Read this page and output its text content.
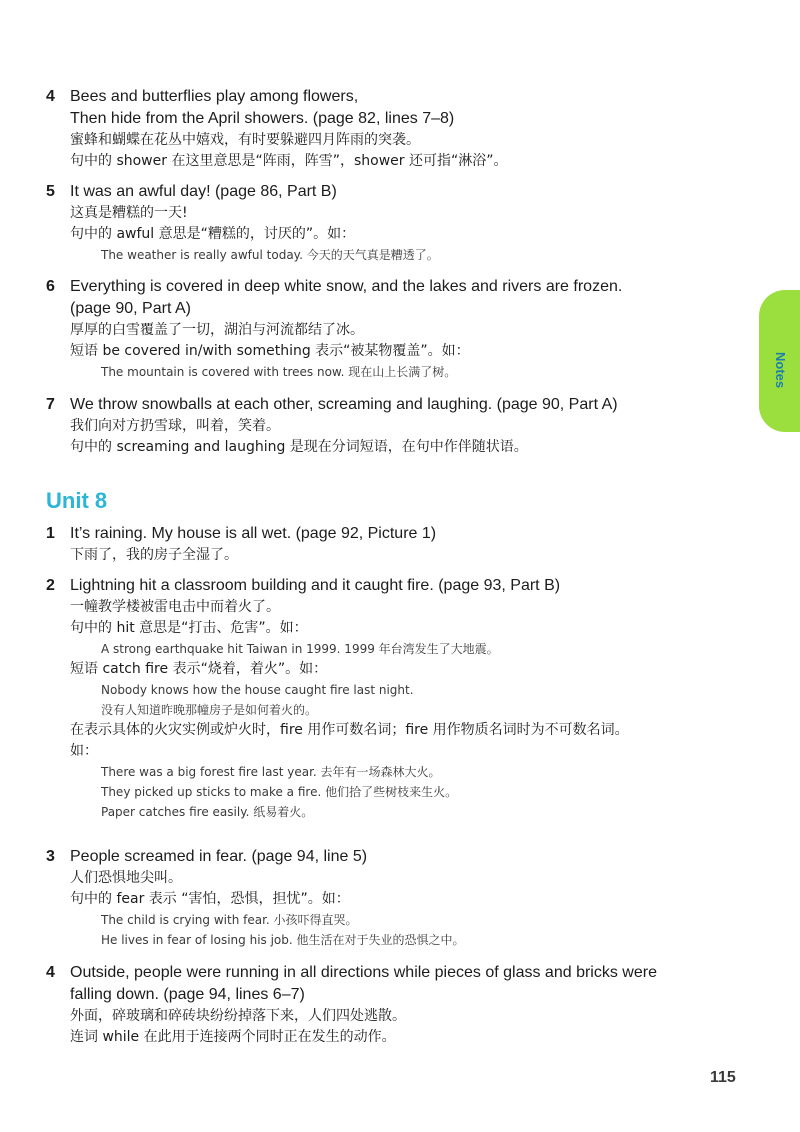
4 Bees and butterflies play among flowers,
Then hide from the April showers. (page 82, lines 7–8)
蜜蜂和蝴蝶在花丛中嬉戏，有时要躲避四月阵雨的突袭。
句中的 shower 在这里意思是“阵雨，阵雪”，shower 还可指“淋浴”。
5 It was an awful day! (page 86, Part B)
这真是糟糕的一天!
句中的 awful 意思是“糟糕的，讨厌的”。如：
The weather is really awful today. 今天的天气真是糟透了。
6 Everything is covered in deep white snow, and the lakes and rivers are frozen.
(page 90, Part A)
厚厚的白雪覆盖了一切，湖泊与河流都结了冰。
短语 be covered in/with something 表示“被某物覆盖”。如：
The mountain is covered with trees now. 现在山上长满了树。
7 We throw snowballs at each other, screaming and laughing. (page 90, Part A)
我们向对方扔雪球，叫着，笑着。
句中的 screaming and laughing 是现在分词短语，在句中作伴随状语。
Unit 8
1 It’s raining. My house is all wet. (page 92, Picture 1)
下雨了，我的房子全湿了。
2 Lightning hit a classroom building and it caught fire. (page 93, Part B)
一幢教学楼被雷电击中而着火了。
句中的 hit 意思是“打击、危害”。如：
A strong earthquake hit Taiwan in 1999. 1999 年台湾发生了大地震。
短语 catch fire 表示“烧着，着火”。如：
Nobody knows how the house caught fire last night.
没有人知道昨晚那幢房子是如何着火的。
在表示具体的火灾实例或炉火时，fire 用作可数名词；fire 用作物质名词时为不可数名词。
如：
There was a big forest fire last year. 去年有一场森林大火。
They picked up sticks to make a fire. 他们拾了些树枝来生火。
Paper catches fire easily. 纸易着火。
3 People screamed in fear. (page 94, line 5)
人们恐惧地尖叫。
句中的 fear 表示 “害怕，恐惧，担忧”。如：
The child is crying with fear. 小孩吓得直哭。
He lives in fear of losing his job. 他生活在对于失业的恐惧之中。
4 Outside, people were running in all directions while pieces of glass and bricks were
falling down. (page 94, lines 6–7)
外面，碎玻璃和碎砖块纷纷掉落下来，人们四处逃散。
连词 while 在此用于连接两个同时正在发生的动作。
Notes
115
